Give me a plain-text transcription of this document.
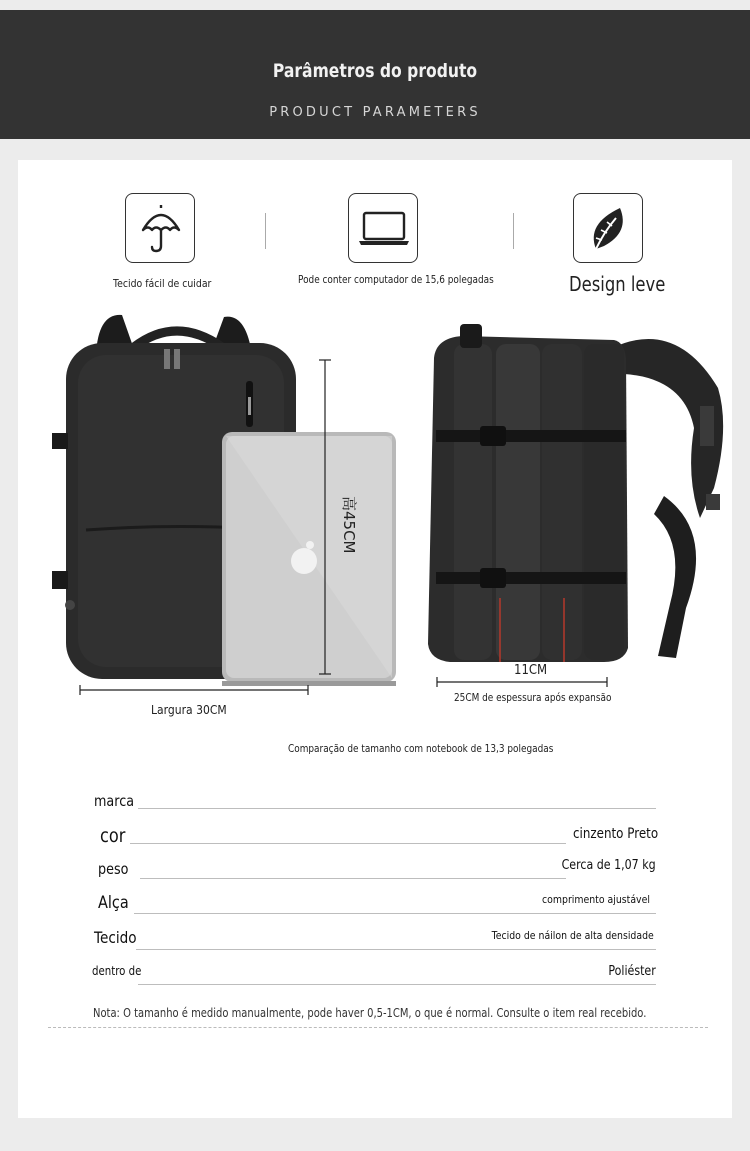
Parâmetros do produto
PRODUCT PARAMETERS
Tecido fácil de cuidar	Pode conter computador de 15,6 polegadas	Design leve
高45CM
Largura 30CM
11CM
25CM de espessura após expansão
Comparação de tamanho com notebook de 13,3 polegadas
marca
cor	cinzento Preto
peso	Cerca de 1,07 kg
Alça	comprimento ajustável
Tecido	Tecido de náilon de alta densidade
dentro de	Poliéster
Nota: O tamanho é medido manualmente, pode haver 0,5-1CM, o que é normal. Consulte o item real recebido.
